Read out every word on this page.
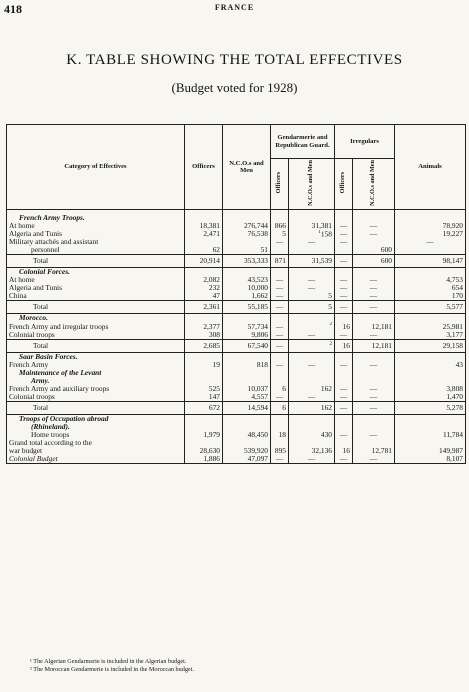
418	FRANCE
K. TABLE SHOWING THE TOTAL EFFECTIVES
(Budget voted for 1928)
Category of Effectives	Officers	N.C.O.s and Men	Gendarmerie and Republican Guard.		Irregulars		Animals
			Officers	N.C.O.s and Men	Officers	N.C.O.s and Men	

French Army Troops.							
At home	18,381	276,744	866	31,381	—	—	78,920
Algeria and Tunis	2,471	76,538	5	$^1$158	—	—	19,227
Military attachés and assistant			—	—	—		—
personnel	62	51				600	
Total	20,914	353,333	871	31,539	—	600	98,147
Colonial Forces.							
At home	2,082	43,523	—	—	—	—	4,753
Algeria and Tunis	232	10,000	—	—	—	—	654
China	47	1,662	—	5	—	—	170
Total	2,361	55,185	—	5	—	—	5,577
Morocco.							
French Army and irregular troops	2,377	57,734	—	$^2$	16	12,181	25,981
Colonial troops	308	9,806	—	—	—	—	3,177
Total	2,685	67,540	—	$^2$	16	12,181	29,158
Saar Basin Forces.							
French Army	19	818	—	—	—	—	43
Maintenance of the Levant							
Army.							
French Army and auxiliary troops	525	10,037	6	162	—	—	3,808
Colonial troops	147	4,557	—	—	—	—	1,470
Total	672	14,594	6	162	—	—	5,278
Troops of Occupation abroad							
(Rhineland).							
Home troops	1,979	48,450	18	430	—	—	11,784
Grand total according to the							
war budget	28,630	539,920	895	32,136	16	12,781	149,987
Colonial Budget	1,886	47,097	—	—	—	—	8,107
¹ The Algerian Gendarmerie is included in the Algerian budget.
² The Moroccan Gendarmerie is included in the Moroccan budget.
